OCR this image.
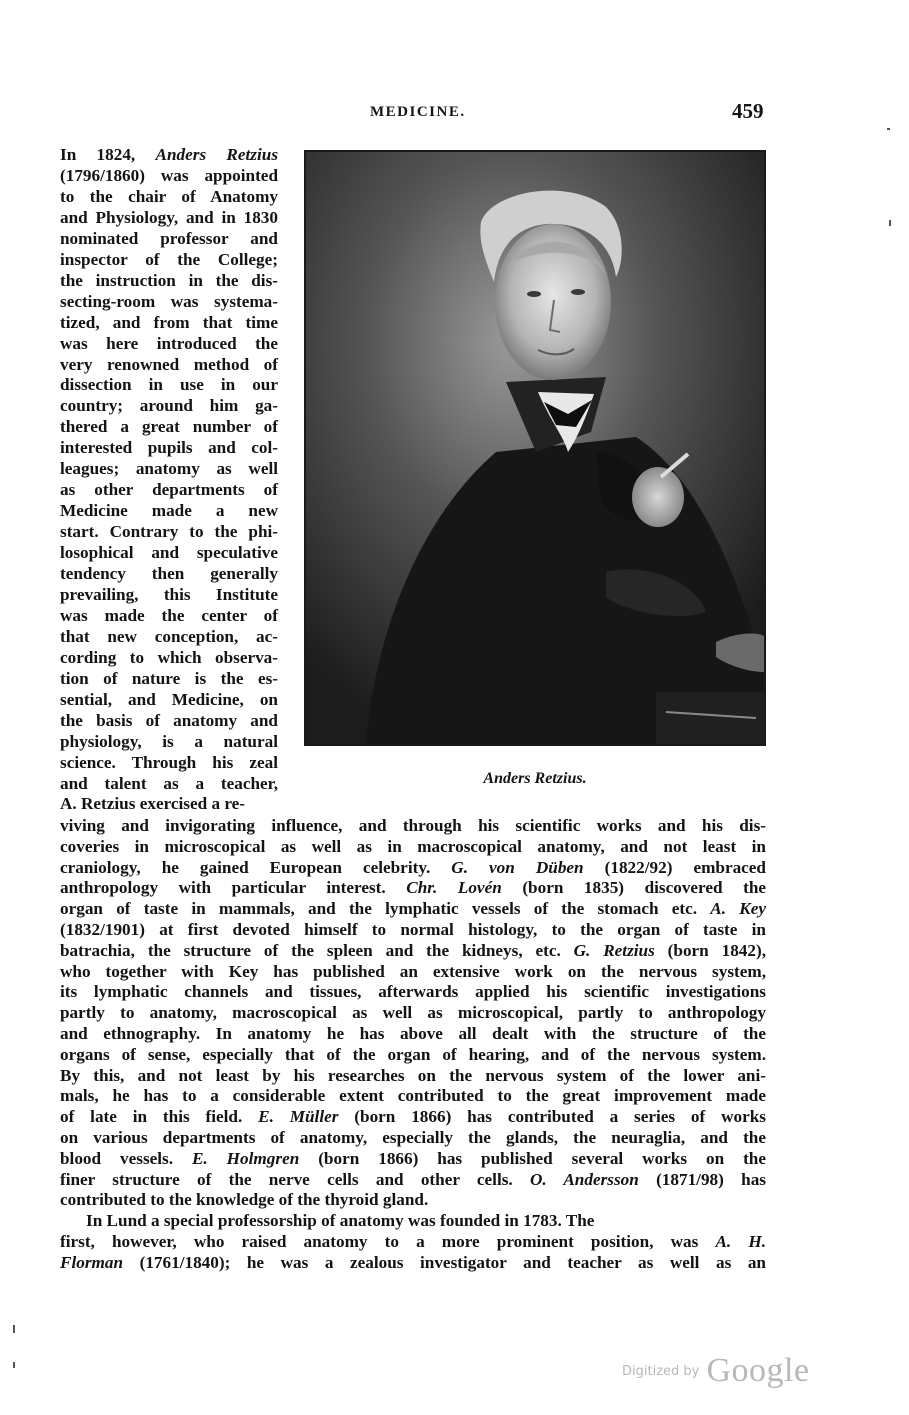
MEDICINE.	459
Anders Retzius.
In 1824, Anders Retzius
(1796/1860) was appointed
to the chair of Anatomy
and Physiology, and in 1830
nominated professor and
inspector of the College;
the instruction in the dis-
secting-room was systema-
tized, and from that time
was here introduced the
very renowned method of
dissection in use in our
country; around him ga-
thered a great number of
interested pupils and col-
leagues; anatomy as well
as other departments of
Medicine made a new
start. Contrary to the phi-
losophical and speculative
tendency then generally
prevailing, this Institute
was made the center of
that new conception, ac-
cording to which observa-
tion of nature is the es-
sential, and Medicine, on
the basis of anatomy and
physiology, is a natural
science. Through his zeal
and talent as a teacher,
A. Retzius exercised a re-
viving and invigorating influence, and through his scientific works and his dis-
coveries in microscopical as well as in macroscopical anatomy, and not least in
craniology, he gained European celebrity. G. von Düben (1822/92) embraced
anthropology with particular interest. Chr. Lovén (born 1835) discovered the
organ of taste in mammals, and the lymphatic vessels of the stomach etc. A. Key
(1832/1901) at first devoted himself to normal histology, to the organ of taste in
batrachia, the structure of the spleen and the kidneys, etc. G. Retzius (born 1842),
who together with Key has published an extensive work on the nervous system,
its lymphatic channels and tissues, afterwards applied his scientific investigations
partly to anatomy, macroscopical as well as microscopical, partly to anthropology
and ethnography. In anatomy he has above all dealt with the structure of the
organs of sense, especially that of the organ of hearing, and of the nervous system.
By this, and not least by his researches on the nervous system of the lower ani-
mals, he has to a considerable extent contributed to the great improvement made
of late in this field. E. Müller (born 1866) has contributed a series of works
on various departments of anatomy, especially the glands, the neuraglia, and the
blood vessels. E. Holmgren (born 1866) has published several works on the
finer structure of the nerve cells and other cells. O. Andersson (1871/98) has
contributed to the knowledge of the thyroid gland.
In Lund a special professorship of anatomy was founded in 1783. The
first, however, who raised anatomy to a more prominent position, was A. H.
Florman (1761/1840); he was a zealous investigator and teacher as well as an
$^{Digitized by}$ Google
